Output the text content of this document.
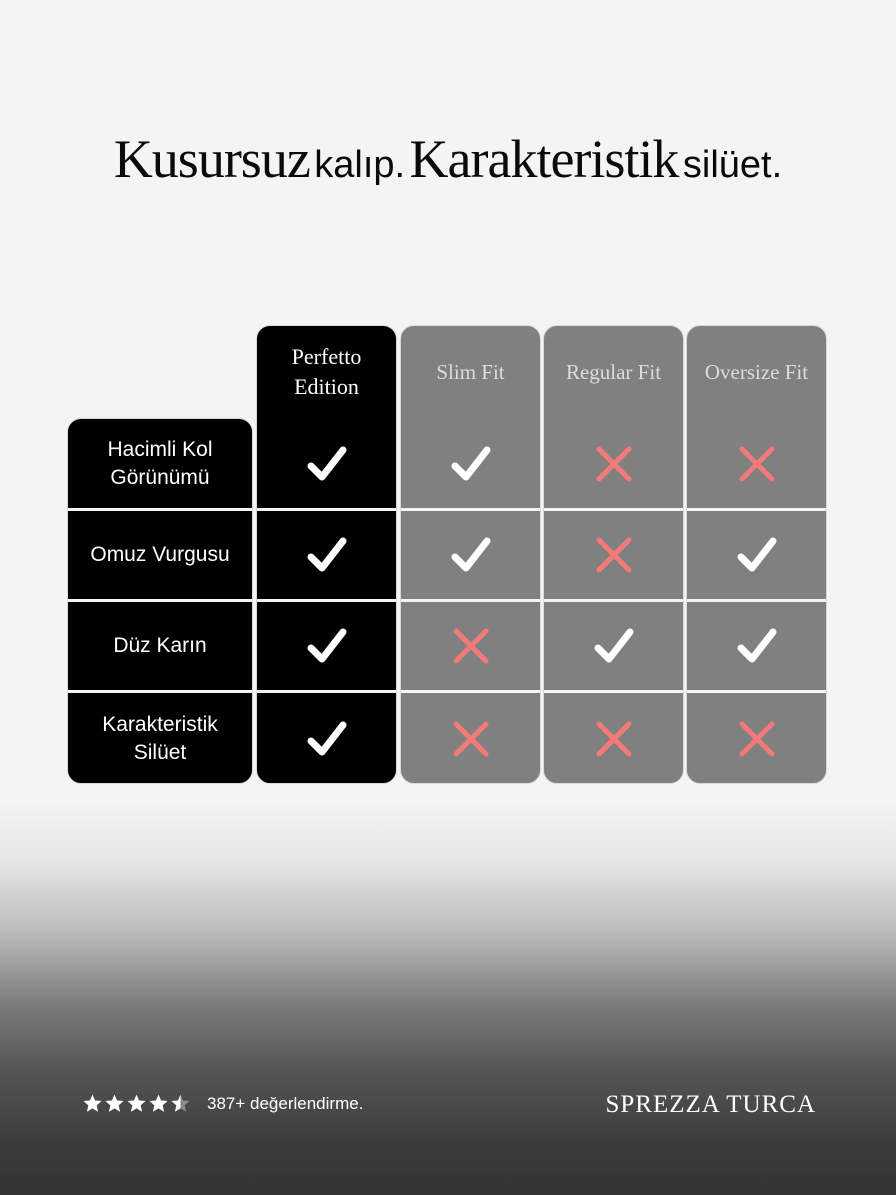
Kusursuz kalıp. Karakteristik silüet.
Hacimli Kol
Görünümü
Omuz Vurgusu
Düz Karın
Karakteristik
Silüet
Perfetto
Edition
Slim Fit	Regular Fit Oversize Fit
387+ değerlendirme.	SPREZZA TURCA
